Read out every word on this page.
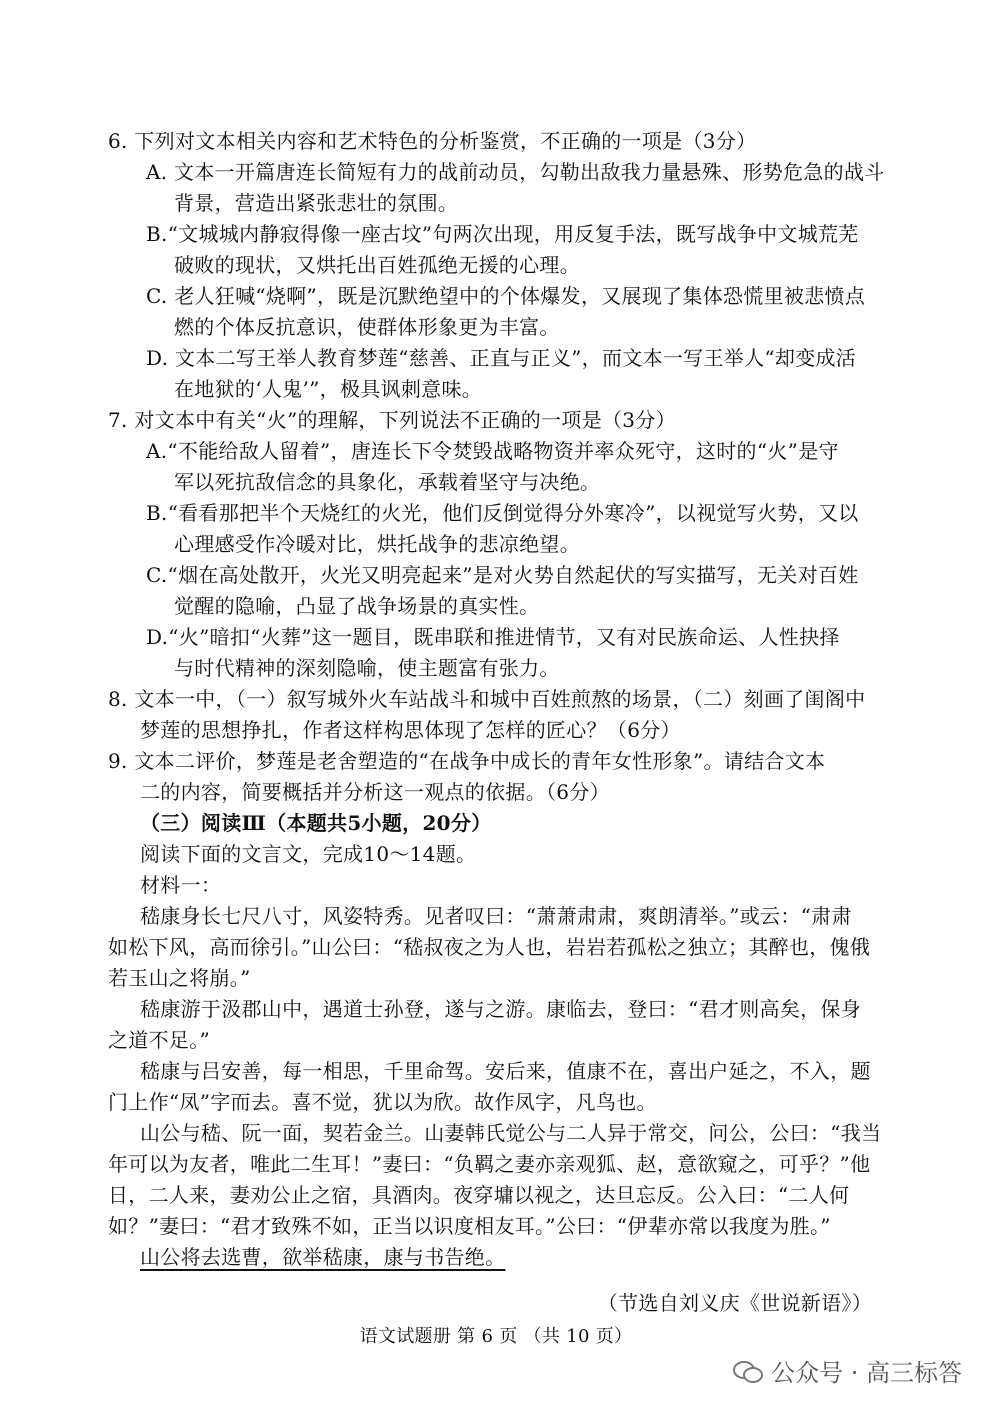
6. 下列对文本相关内容和艺术特色的分析鉴赏，不正确的一项是（3分）
A. 文本一开篇唐连长简短有力的战前动员，勾勒出敌我力量悬殊、形势危急的战斗
背景，营造出紧张悲壮的氛围。
B.“文城城内静寂得像一座古坟”句两次出现，用反复手法，既写战争中文城荒芜
破败的现状，又烘托出百姓孤绝无援的心理。
C. 老人狂喊“烧啊”，既是沉默绝望中的个体爆发，又展现了集体恐慌里被悲愤点
燃的个体反抗意识，使群体形象更为丰富。
D. 文本二写王举人教育梦莲“慈善、正直与正义”，而文本一写王举人“却变成活
在地狱的‘人鬼’”，极具讽刺意味。
7. 对文本中有关“火”的理解，下列说法不正确的一项是（3分）
A.“不能给敌人留着”，唐连长下令焚毁战略物资并率众死守，这时的“火”是守
军以死抗敌信念的具象化，承载着坚守与决绝。
B.“看看那把半个天烧红的火光，他们反倒觉得分外寒冷”，以视觉写火势，又以
心理感受作冷暖对比，烘托战争的悲凉绝望。
C.“烟在高处散开，火光又明亮起来”是对火势自然起伏的写实描写，无关对百姓
觉醒的隐喻，凸显了战争场景的真实性。
D.“火”暗扣“火葬”这一题目，既串联和推进情节，又有对民族命运、人性抉择
与时代精神的深刻隐喻，使主题富有张力。
8. 文本一中，（一）叙写城外火车站战斗和城中百姓煎熬的场景，（二）刻画了闺阁中
梦莲的思想挣扎，作者这样构思体现了怎样的匠心？（6分）
9. 文本二评价，梦莲是老舍塑造的“在战争中成长的青年女性形象”。请结合文本
二的内容，简要概括并分析这一观点的依据。（6分）
（三）阅读Ⅲ（本题共5小题，20分）
阅读下面的文言文，完成10～14题。
材料一：
嵇康身长七尺八寸，风姿特秀。见者叹曰：“萧萧肃肃，爽朗清举。”或云：“肃肃
如松下风，高而徐引。”山公曰：“嵇叔夜之为人也，岩岩若孤松之独立；其醉也，傀俄
若玉山之将崩。”
嵇康游于汲郡山中，遇道士孙登，遂与之游。康临去，登曰：“君才则高矣，保身
之道不足。”
嵇康与吕安善，每一相思，千里命驾。安后来，值康不在，喜出户延之，不入，题
门上作“凤”字而去。喜不觉，犹以为欣。故作凤字，凡鸟也。
山公与嵇、阮一面，契若金兰。山妻韩氏觉公与二人异于常交，问公，公曰：“我当
年可以为友者，唯此二生耳！”妻曰：“负羁之妻亦亲观狐、赵，意欲窥之，可乎？”他
日，二人来，妻劝公止之宿，具酒肉。夜穿墉以视之，达旦忘反。公入曰：“二人何
如？”妻曰：“君才致殊不如，正当以识度相友耳。”公曰：“伊辈亦常以我度为胜。”
山公将去选曹，欲举嵇康，康与书告绝。
（节选自刘义庆《世说新语》）
语文试题册 第 6 页 （共 10 页）
公众号 · 高三标答
